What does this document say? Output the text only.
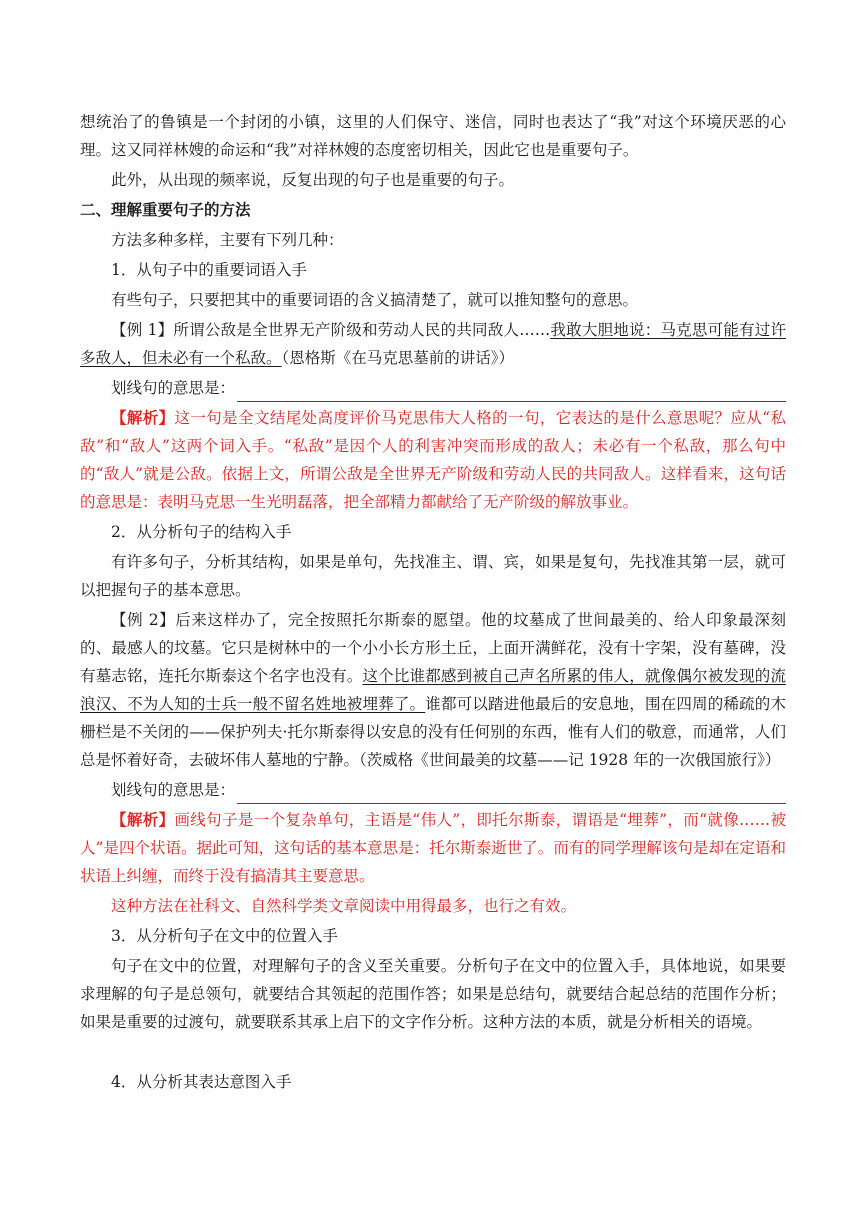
想统治了的鲁镇是一个封闭的小镇，这里的人们保守、迷信，同时也表达了“我”对这个环境厌恶的心理。这又同祥林嫂的命运和“我”对祥林嫂的态度密切相关，因此它也是重要句子。

此外，从出现的频率说，反复出现的句子也是重要的句子。

二、理解重要句子的方法

方法多种多样，主要有下列几种：

1．从句子中的重要词语入手

有些句子，只要把其中的重要词语的含义搞清楚了，就可以推知整句的意思。

【例 1】所谓公敌是全世界无产阶级和劳动人民的共同敌人……我敢大胆地说：马克思可能有过许多敌人，但未必有一个私敌。（恩格斯《在马克思墓前的讲话》）

划线句的意思是：

【解析】这一句是全文结尾处高度评价马克思伟大人格的一句，它表达的是什么意思呢？应从“私敌”和“敌人”这两个词入手。“私敌”是因个人的利害冲突而形成的敌人；未必有一个私敌，那么句中的“敌人”就是公敌。依据上文，所谓公敌是全世界无产阶级和劳动人民的共同敌人。这样看来，这句话的意思是：表明马克思一生光明磊落，把全部精力都献给了无产阶级的解放事业。

2．从分析句子的结构入手

有许多句子，分析其结构，如果是单句，先找准主、谓、宾，如果是复句，先找准其第一层，就可以把握句子的基本意思。

【例 2】后来这样办了，完全按照托尔斯泰的愿望。他的坟墓成了世间最美的、给人印象最深刻的、最感人的坟墓。它只是树林中的一个小小长方形土丘，上面开满鲜花，没有十字架，没有墓碑，没有墓志铭，连托尔斯泰这个名字也没有。这个比谁都感到被自己声名所累的伟人，就像偶尔被发现的流浪汉、不为人知的士兵一般不留名姓地被埋葬了。谁都可以踏进他最后的安息地，围在四周的稀疏的木栅栏是不关闭的——保护列夫·托尔斯泰得以安息的没有任何别的东西，惟有人们的敬意，而通常，人们总是怀着好奇，去破坏伟人墓地的宁静。（茨威格《世间最美的坟墓——记 1928 年的一次俄国旅行》）

划线句的意思是：

【解析】画线句子是一个复杂单句，主语是“伟人”，即托尔斯泰，谓语是“埋葬”，而“就像……被人”是四个状语。据此可知，这句话的基本意思是：托尔斯泰逝世了。而有的同学理解该句是却在定语和状语上纠缠，而终于没有搞清其主要意思。

这种方法在社科文、自然科学类文章阅读中用得最多，也行之有效。

3．从分析句子在文中的位置入手

句子在文中的位置，对理解句子的含义至关重要。分析句子在文中的位置入手，具体地说，如果要求理解的句子是总领句，就要结合其领起的范围作答；如果是总结句，就要结合起总结的范围作分析；如果是重要的过渡句，就要联系其承上启下的文字作分析。这种方法的本质，就是分析相关的语境。

4．从分析其表达意图入手
